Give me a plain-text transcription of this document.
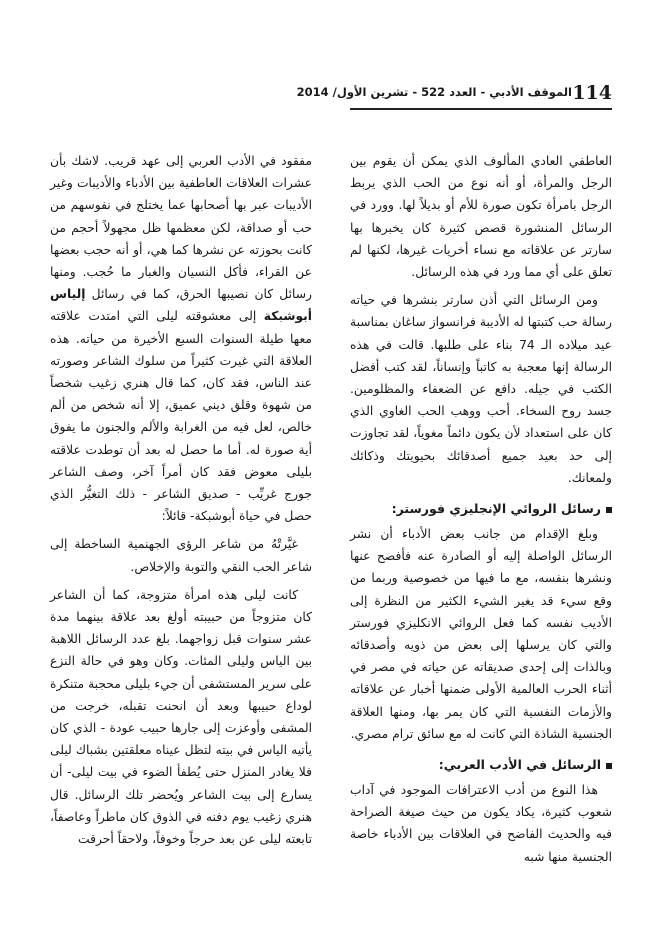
114
الموقف الأدبي - العدد 522 - تشرين الأول/ 2014

العاطفي العادي المألوف الذي يمكن أن يقوم بين الرجل والمرأة، أو أنه نوع من الحب الذي يربط الرجل بامرأة تكون صورة للأم أو بديلاً لها. وورد في الرسائل المنشورة قصص كثيرة كان يخبرها بها سارتر عن علاقاته مع نساء أخريات غيرها، لكنها لم تعلق على أي مما ورد في هذه الرسائل.

ومن الرسائل التي أذن سارتر بنشرها في حياته رسالة حب كتبتها له الأديبة فرانسواز ساغان بمناسبة عيد ميلاده الـ 74 بناء على طلبها. قالت في هذه الرسالة إنها معجبة به كاتباً وإنساناً، لقد كتب أفضل الكتب في جيله. دافع عن الضعفاء والمظلومين. جسد روح السخاء. أحب ووهب الحب الغاوي الذي كان على استعداد لأن يكون دائماً مغوياً، لقد تجاوزت إلى حد بعيد جميع أصدقائك بحيويتك وذكائك ولمعانك.

رسائل الروائي الإنجليزي فورستر:

وبلغ الإقدام من جانب بعض الأدباء أن نشر الرسائل الواصلة إليه أو الصادرة عنه فأفصح عنها ونشرها بنفسه، مع ما فيها من خصوصية وربما من وقع سيء قد يغير الشيء الكثير من النظرة إلى الأديب نفسه كما فعل الروائي الانكليزي فورستر والتي كان يرسلها إلى بعض من ذويه وأصدقائه وبالذات إلى إحدى صديقاته عن حياته في مصر في أثناء الحرب العالمية الأولى ضمنها أخبار عن علاقاته والأزمات النفسية التي كان يمر بها، ومنها العلاقة الجنسية الشاذة التي كانت له مع سائق ترام مصري.

الرسائل في الأدب العربي:

هذا النوع من أدب الاعترافات الموجود في آداب شعوب كثيرة، يكاد يكون من حيث صيغة الصراحة فيه والحديث الفاضح في العلاقات بين الأدباء خاصة الجنسية منها شبه

مفقود في الأدب العربي إلى عهد قريب. لاشك بأن عشرات العلاقات العاطفية بين الأدباء والأديبات وغير الأديبات عبر بها أصحابها عما يختلج في نفوسهم من حب أو صداقة، لكن معظمها ظل مجهولاً أحجم من كانت بحوزته عن نشرها كما هي، أو أنه حجب بعضها عن القراء، فأكل النسيان والغبار ما حُجب. ومنها رسائل كان نصيبها الحرق، كما في رسائل إلياس أبوشبكة إلى معشوقته ليلى التي امتدت علاقته معها طيلة السنوات السبع الأخيرة من حياته. هذه العلاقة التي غيرت كثيراً من سلوك الشاعر وصورته عند الناس، فقد كان، كما قال هنري زغيب شخصاً من شهوة وقلق ديني عميق، إلا أنه شخص من ألم خالص، لعل فيه من الغرابة والألم والجنون ما يفوق أية صورة له. أما ما حصل له بعد أن توطدت علاقته بليلى معوض فقد كان أمراً آخر، وصف الشاعر جورج غريِّب - صديق الشاعر - ذلك التغيُّر الذي حصل في حياة أبوشبكة- قائلاً:

غيَّرتْهُ من شاعر الرؤى الجهنمية الساخطة إلى شاعر الحب النقي والتوبة والإخلاص.

كانت ليلى هذه امرأة متزوجة، كما أن الشاعر كان متزوجاً من حبيبته أولغ بعد علاقة بينهما مدة عشر سنوات قبل زواجهما. بلغ عدد الرسائل اللاهبة بين الياس وليلى المئات. وكان وهو في حالة النزع على سرير المستشفى أن جيء بليلى محجبة متنكرة لوداع حبيبها وبعد أن انحنت تقبله، خرجت من المشفى وأوعزت إلى جارها حبيب عودة - الذي كان يأتيه الياس في بيته لتظل عيناه معلقتين بشباك ليلى فلا يغادر المنزل حتى يُطفأ الضوء في بيت ليلى- أن يسارع إلى بيت الشاعر ويُحضر تلك الرسائل. قال هنري زغيب يوم دفنه في الذوق كان ماطراً وعاصفاً، تابعته ليلى عن بعد حرجاً وخوفاً، ولاحقاً أحرقت
